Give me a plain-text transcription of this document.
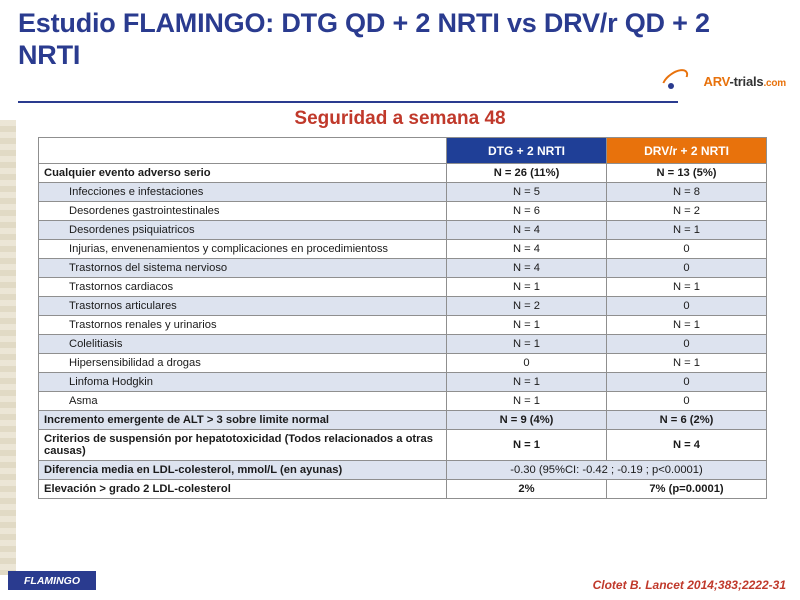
Estudio FLAMINGO: DTG QD + 2 NRTI vs DRV/r QD + 2 NRTI
ARV-trials.com
Seguridad a semana 48
	DTG + 2 NRTI	DRV/r + 2 NRTI
Cualquier evento adverso serio	N = 26 (11%)	N = 13 (5%)
Infecciones e infestaciones	N = 5	N = 8
Desordenes gastrointestinales	N = 6	N = 2
Desordenes psiquiatricos	N = 4	N = 1
Injurias, envenenamientos y complicaciones en procedimientoss	N = 4	0
Trastornos del sistema nervioso	N = 4	0
Trastornos cardiacos	N = 1	N = 1
Trastornos articulares	N = 2	0
Trastornos renales y urinarios	N = 1	N = 1
Colelitiasis	N = 1	0
Hipersensibilidad a drogas	0	N = 1
Linfoma Hodgkin	N = 1	0
Asma	N = 1	0
Incremento emergente de ALT > 3 sobre limite normal	N = 9 (4%)	N = 6 (2%)
Criterios de suspensión por hepatotoxicidad (Todos relacionados a otras causas)	N = 1	N = 4
Diferencia media en LDL-colesterol, mmol/L (en ayunas)	-0.30 (95%CI: -0.42 ; -0.19 ; p<0.0001)	
Elevación > grado 2 LDL-colesterol	2%	7% (p=0.0001)
FLAMINGO	Clotet B. Lancet 2014;383;2222-31
